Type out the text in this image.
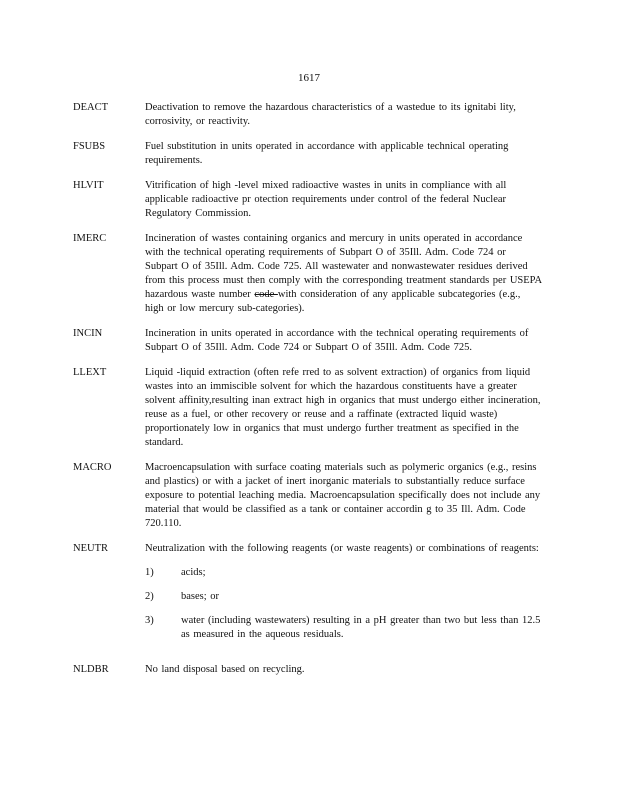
1617
DEACT	Deactivation to remove the hazardous characteristics of a wastedue to its ignitabi lity, corrosivity, or reactivity.
FSUBS	Fuel substitution in units operated in accordance with applicable technical operating requirements.
HLVIT	Vitrification of high -level mixed radioactive wastes in units in compliance with all applicable radioactive pr otection requirements under control of the federal Nuclear Regulatory Commission.
IMERC	Incineration of wastes containing organics and mercury in units operated in accordance with the technical operating requirements of Subpart O of 35Ill. Adm. Code 724 or Subpart O of 35Ill. Adm. Code 725. All wastewater and nonwastewater residues derived from this process must then comply with the corresponding treatment standards per USEPA hazardous waste number code with consideration of any applicable subcategories (e.g., high or low mercury sub-categories).
INCIN	Incineration in units operated in accordance with the technical operating requirements of Subpart O of 35Ill. Adm. Code 724 or Subpart O of 35Ill. Adm. Code 725.
LLEXT	Liquid -liquid extraction (often refe rred to as solvent extraction) of organics from liquid wastes into an immiscible solvent for which the hazardous constituents have a greater solvent affinity,resulting inan extract high in organics that must undergo either incineration, reuse as a fuel, or other recovery or reuse and a raffinate (extracted liquid waste) proportionately low in organics that must undergo further treatment as specified in the standard.
MACRO	Macroencapsulation with surface coating materials such as polymeric organics (e.g., resins and plastics) or with a jacket of inert inorganic materials to substantially reduce surface exposure to potential leaching media. Macroencapsulation specifically does not include any material that would be classified as a tank or container accordin g to 35 Ill. Adm. Code 720.110.
NEUTR	Neutralization with the following reagents (or waste reagents) or combinations of reagents:
1)	acids;
2)	bases; or
3)	water (including wastewaters) resulting in a pH greater than two but less than 12.5 as measured in the aqueous residuals.
NLDBR	No land disposal based on recycling.
